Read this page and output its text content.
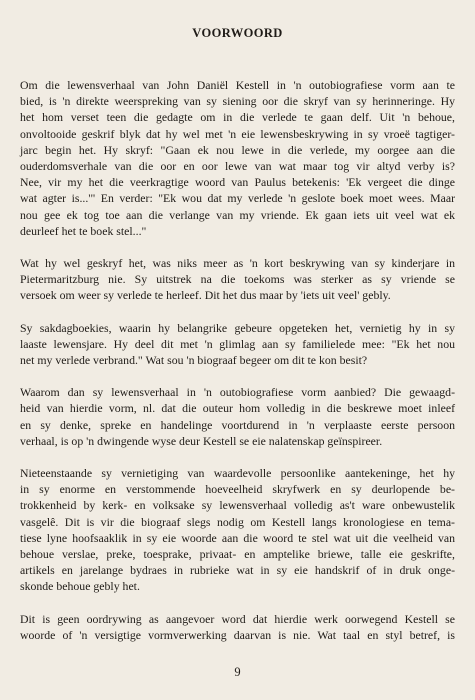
VOORWOORD
Om die lewensverhaal van John Daniël Kestell in 'n outobiografiese vorm aan te
bied, is 'n direkte weerspreking van sy siening oor die skryf van sy herinneringe. Hy
het hom verset teen die gedagte om in die verlede te gaan delf. Uit 'n behoue,
onvoltooide geskrif blyk dat hy wel met 'n eie lewensbeskrywing in sy vroeë tagtiger-
jarc begin het. Hy skryf: "Gaan ek nou lewe in die verlede, my oorgee aan die
ouderdomsverhale van die oor en oor lewe van wat maar tog vir altyd verby is?
Nee, vir my het die veerkragtige woord van Paulus betekenis: 'Ek vergeet die dinge
wat agter is...'" En verder: "Ek wou dat my verlede 'n geslote boek moet wees. Maar
nou gee ek tog toe aan die verlange van my vriende. Ek gaan iets uit veel wat ek
deurleef het te boek stel..."
Wat hy wel geskryf het, was niks meer as 'n kort beskrywing van sy kinderjare in
Pietermaritzburg nie. Sy uitstrek na die toekoms was sterker as sy vriende se
versoek om weer sy verlede te herleef. Dit het dus maar by 'iets uit veel' gebly.
Sy sakdagboekies, waarin hy belangrike gebeure opgeteken het, vernietig hy in sy
laaste lewensjare. Hy deel dit met 'n glimlag aan sy familielede mee: "Ek het nou
net my verlede verbrand." Wat sou 'n biograaf begeer om dit te kon besit?
Waarom dan sy lewensverhaal in 'n outobiografiese vorm aanbied? Die gewaagd-
heid van hierdie vorm, nl. dat die outeur hom volledig in die beskrewe moet inleef
en sy denke, spreke en handelinge voortdurend in 'n verplaaste eerste persoon
verhaal, is op 'n dwingende wyse deur Kestell se eie nalatenskap geïnspireer.
Nieteenstaande sy vernietiging van waardevolle persoonlike aantekeninge, het hy
in sy enorme en verstommende hoeveelheid skryfwerk en sy deurlopende be-
trokkenheid by kerk- en volksake sy lewensverhaal volledig as't ware onbewustelik
vasgelê. Dit is vir die biograaf slegs nodig om Kestell langs kronologiese en tema-
tiese lyne hoofsaaklik in sy eie woorde aan die woord te stel wat uit die veelheid van
behoue verslae, preke, toesprake, privaat- en amptelike briewe, talle eie geskrifte,
artikels en jarelange bydraes in rubrieke wat in sy eie handskrif of in druk onge-
skonde behoue gebly het.
Dit is geen oordrywing as aangevoer word dat hierdie werk oorwegend Kestell se
woorde of 'n versigtige vormverwerking daarvan is nie. Wat taal en styl betref, is
9
